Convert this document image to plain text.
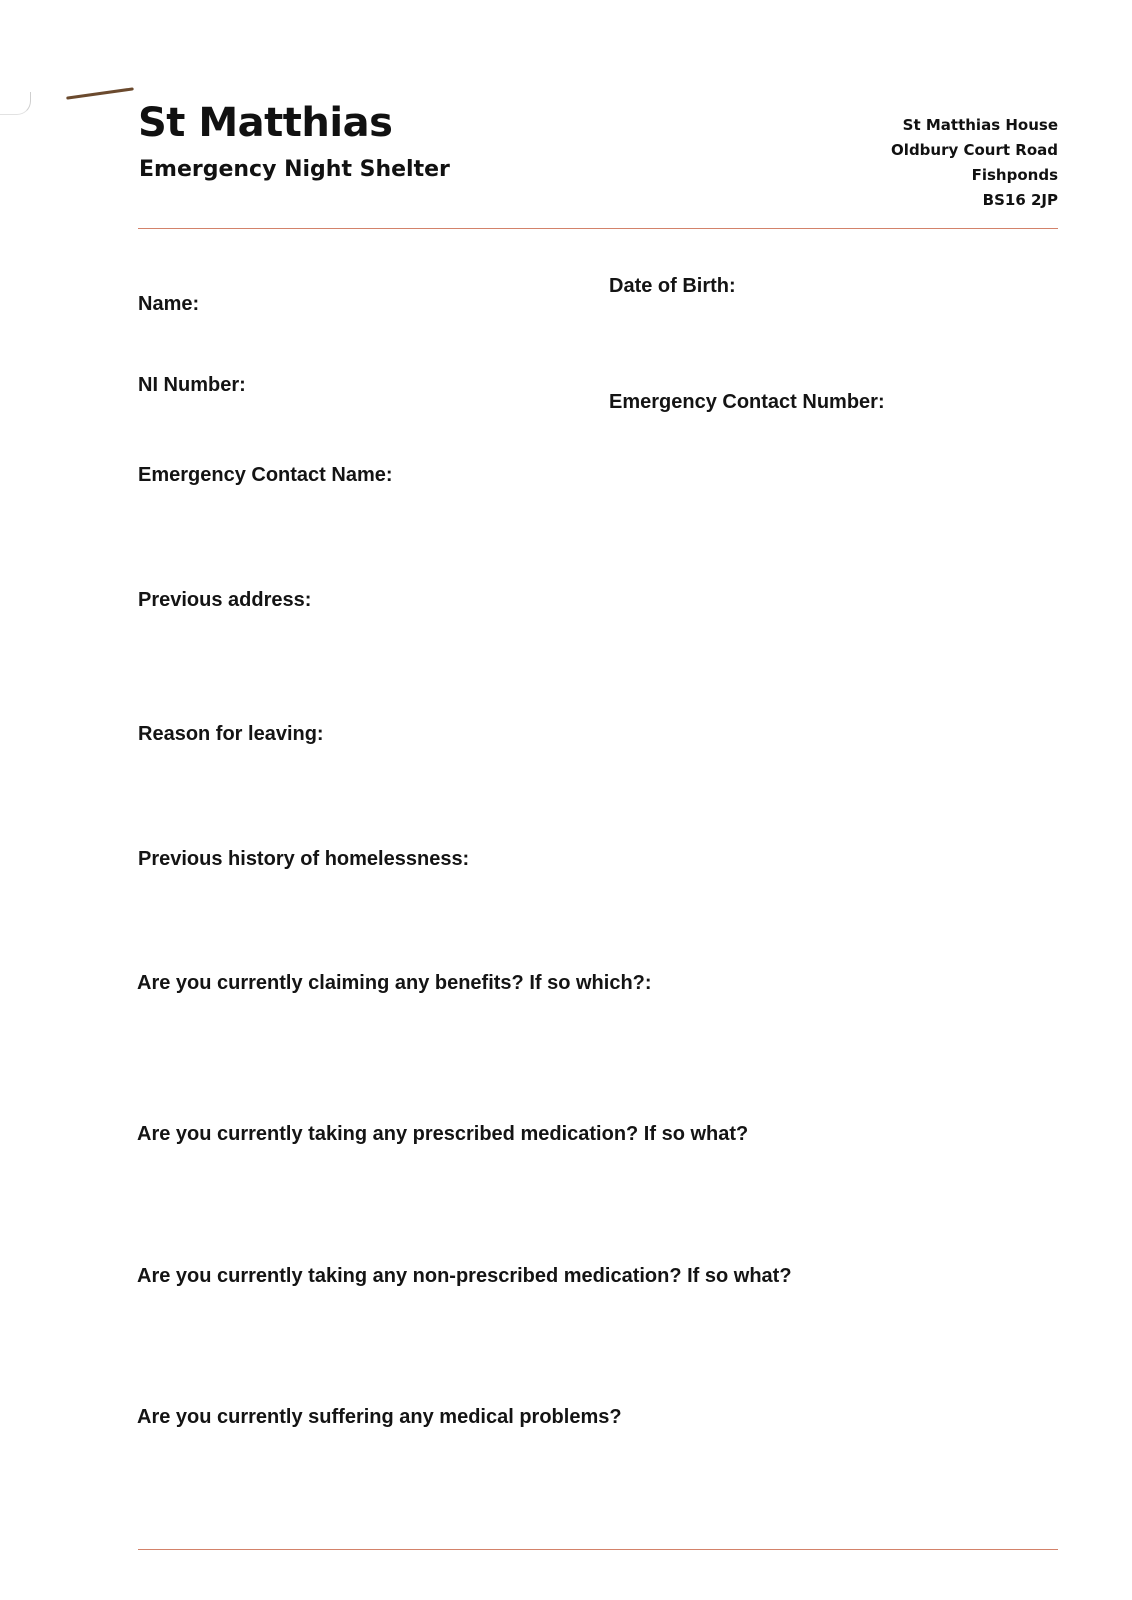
St Matthias
Emergency Night Shelter
St Matthias House
Oldbury Court Road
Fishponds
BS16 2JP
Name:
Date of Birth:
NI Number:
Emergency Contact Number:
Emergency Contact Name:
Previous address:
Reason for leaving:
Previous history of homelessness:
Are you currently claiming any benefits? If so which?:
Are you currently taking any prescribed medication? If so what?
Are you currently taking any non-prescribed medication? If so what?
Are you currently suffering any medical problems?
